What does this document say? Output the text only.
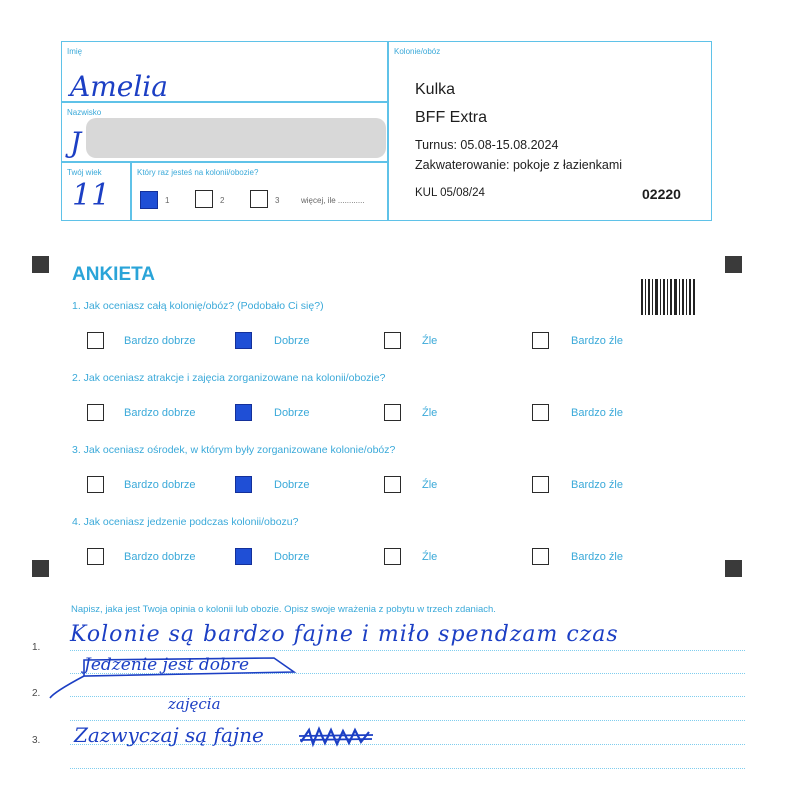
Imię
Amelia
Nazwisko
J
Twój wiek
11
Który raz jesteś na kolonii/obozie?
1	2	3	więcej, ile ............
Kolonie/obóz
Kulka
BFF Extra
Turnus: 05.08-15.08.2024
Zakwaterowanie: pokoje z łazienkami
KUL 05/08/24	02220
ANKIETA
1. Jak oceniasz całą kolonię/obóz? (Podobało Ci się?)
Bardzo dobrze	Dobrze	Źle	Bardzo źle
2. Jak oceniasz atrakcje i zajęcia zorganizowane na kolonii/obozie?
Bardzo dobrze	Dobrze	Źle	Bardzo źle
3. Jak oceniasz ośrodek, w którym były zorganizowane kolonie/obóz?
Bardzo dobrze	Dobrze	Źle	Bardzo źle
4. Jak oceniasz jedzenie podczas kolonii/obozu?
Bardzo dobrze	Dobrze	Źle	Bardzo źle
Napisz, jaka jest Twoja opinia o kolonii lub obozie. Opisz swoje wrażenia z pobytu w trzech zdaniach.
1.
2.
3.
Kolonie są bardzo fajne i miło spendzam czas
Jedzenie jest dobre
zajęcia
Zazwyczaj są fajne
